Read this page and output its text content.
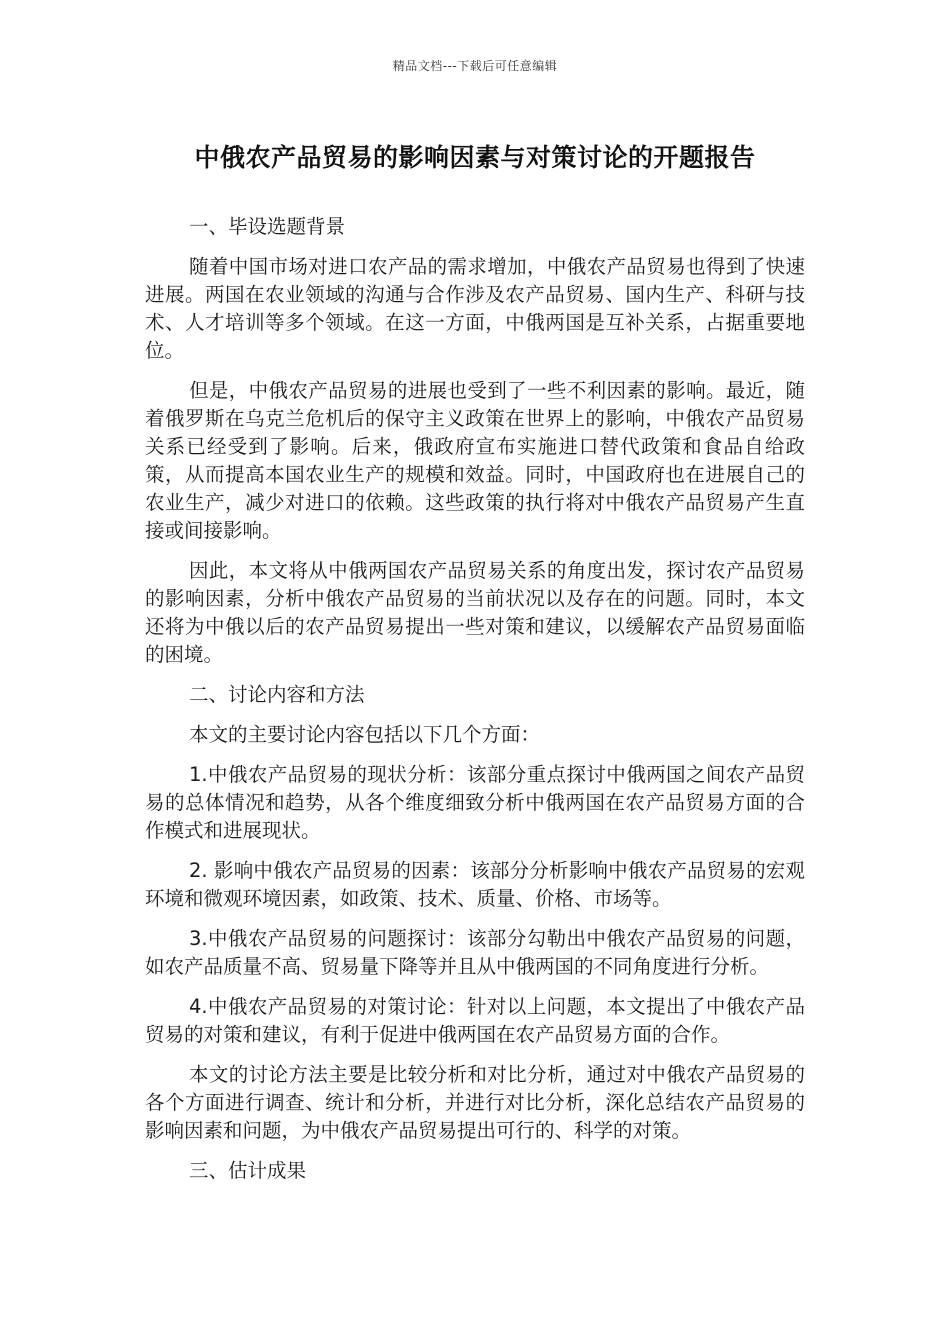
精品文档---下载后可任意编辑
中俄农产品贸易的影响因素与对策讨论的开题报告

一、毕设选题背景

随着中国市场对进口农产品的需求增加，中俄农产品贸易也得到了快速进展。两国在农业领域的沟通与合作涉及农产品贸易、国内生产、科研与技术、人才培训等多个领域。在这一方面，中俄两国是互补关系，占据重要地位。

但是，中俄农产品贸易的进展也受到了一些不利因素的影响。最近，随着俄罗斯在乌克兰危机后的保守主义政策在世界上的影响，中俄农产品贸易关系已经受到了影响。后来，俄政府宣布实施进口替代政策和食品自给政策，从而提高本国农业生产的规模和效益。同时，中国政府也在进展自己的农业生产，减少对进口的依赖。这些政策的执行将对中俄农产品贸易产生直接或间接影响。

因此，本文将从中俄两国农产品贸易关系的角度出发，探讨农产品贸易的影响因素，分析中俄农产品贸易的当前状况以及存在的问题。同时，本文还将为中俄以后的农产品贸易提出一些对策和建议，以缓解农产品贸易面临的困境。

二、讨论内容和方法

本文的主要讨论内容包括以下几个方面：

1.中俄农产品贸易的现状分析：该部分重点探讨中俄两国之间农产品贸易的总体情况和趋势，从各个维度细致分析中俄两国在农产品贸易方面的合作模式和进展现状。

2. 影响中俄农产品贸易的因素：该部分分析影响中俄农产品贸易的宏观环境和微观环境因素，如政策、技术、质量、价格、市场等。

3.中俄农产品贸易的问题探讨：该部分勾勒出中俄农产品贸易的问题，如农产品质量不高、贸易量下降等并且从中俄两国的不同角度进行分析。

4.中俄农产品贸易的对策讨论：针对以上问题，本文提出了中俄农产品贸易的对策和建议，有利于促进中俄两国在农产品贸易方面的合作。

本文的讨论方法主要是比较分析和对比分析，通过对中俄农产品贸易的各个方面进行调查、统计和分析，并进行对比分析，深化总结农产品贸易的影响因素和问题，为中俄农产品贸易提出可行的、科学的对策。

三、估计成果
